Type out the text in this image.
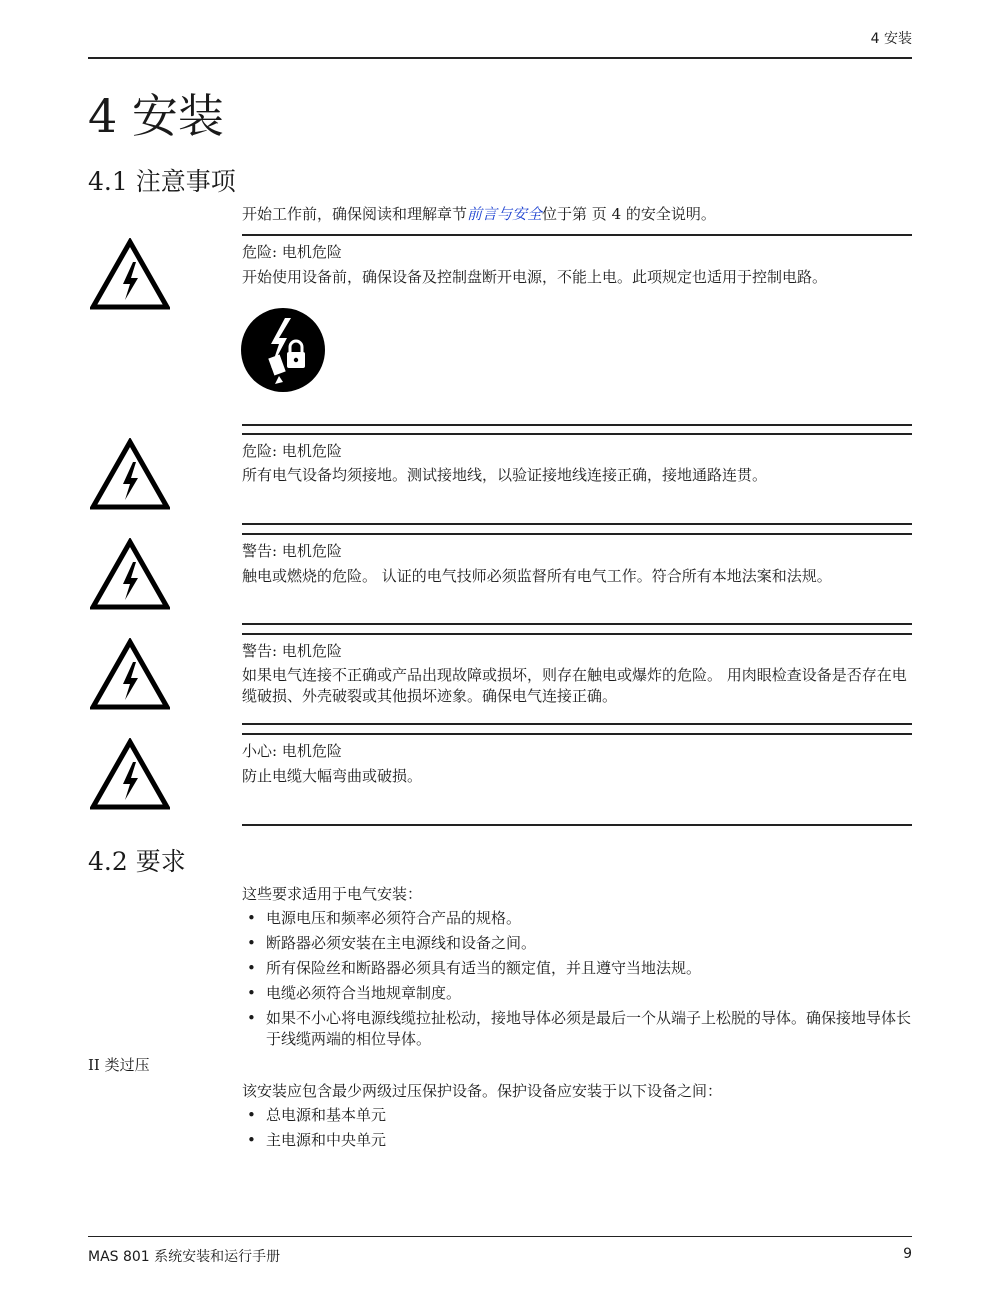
4 安装
4 安装
4.1 注意事项
开始工作前，确保阅读和理解章节前言与安全位于第 页 4 的安全说明。
危险: 电机危险
开始使用设备前，确保设备及控制盘断开电源，不能上电。此项规定也适用于控制电路。
危险: 电机危险
所有电气设备均须接地。测试接地线，以验证接地线连接正确，接地通路连贯。
警告: 电机危险
触电或燃烧的危险。 认证的电气技师必须监督所有电气工作。符合所有本地法案和法规。
警告: 电机危险
如果电气连接不正确或产品出现故障或损坏，则存在触电或爆炸的危险。 用肉眼检查设备是否存在电缆破损、外壳破裂或其他损坏迹象。确保电气连接正确。
小心: 电机危险
防止电缆大幅弯曲或破损。
4.2 要求
这些要求适用于电气安装：
• 电源电压和频率必须符合产品的规格。
• 断路器必须安装在主电源线和设备之间。
• 所有保险丝和断路器必须具有适当的额定值，并且遵守当地法规。
• 电缆必须符合当地规章制度。
• 如果不小心将电源线缆拉扯松动，接地导体必须是最后一个从端子上松脱的导体。确保接地导体长于线缆两端的相位导体。
II 类过压
该安装应包含最少两级过压保护设备。保护设备应安装于以下设备之间：
• 总电源和基本单元
• 主电源和中央单元
MAS 801 系统安装和运行手册	9
